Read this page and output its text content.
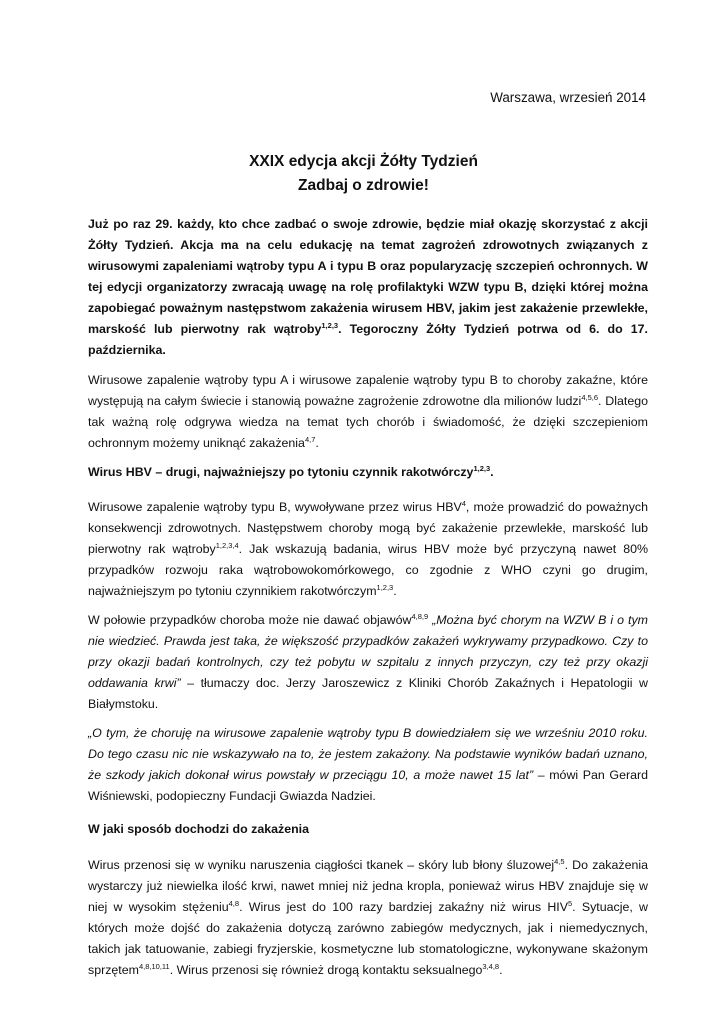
Warszawa, wrzesień 2014
XXIX edycja akcji Żółty Tydzień
Zadbaj o zdrowie!

Już po raz 29. każdy, kto chce zadbać o swoje zdrowie, będzie miał okazję skorzystać z akcji Żółty Tydzień. Akcja ma na celu edukację na temat zagrożeń zdrowotnych związanych z wirusowymi zapaleniami wątroby typu A i typu B oraz popularyzację szczepień ochronnych. W tej edycji organizatorzy zwracają uwagę na rolę profilaktyki WZW typu B, dzięki której można zapobiegać poważnym następstwom zakażenia wirusem HBV, jakim jest zakażenie przewlekłe, marskość lub pierwotny rak wątroby$^{1,2,3}$. Tegoroczny Żółty Tydzień potrwa od 6. do 17. października.

Wirusowe zapalenie wątroby typu A i wirusowe zapalenie wątroby typu B to choroby zakaźne, które występują na całym świecie i stanowią poważne zagrożenie zdrowotne dla milionów ludzi$^{4,5,6}$. Dlatego tak ważną rolę odgrywa wiedza na temat tych chorób i świadomość, że dzięki szczepieniom ochronnym możemy uniknąć zakażenia$^{4,7}$.

Wirus HBV – drugi, najważniejszy po tytoniu czynnik rakotwórczy$^{1,2,3}$.

Wirusowe zapalenie wątroby typu B, wywoływane przez wirus HBV$^4$, może prowadzić do poważnych konsekwencji zdrowotnych. Następstwem choroby mogą być zakażenie przewlekłe, marskość lub pierwotny rak wątroby$^{1,2,3,4}$. Jak wskazują badania, wirus HBV może być przyczyną nawet 80% przypadków rozwoju raka wątrobowokomórkowego, co zgodnie z WHO czyni go drugim, najważniejszym po tytoniu czynnikiem rakotwórczym$^{1,2,3}$.

W połowie przypadków choroba może nie dawać objawów$^{4,8,9}$ „Można być chorym na WZW B i o tym nie wiedzieć. Prawda jest taka, że większość przypadków zakażeń wykrywamy przypadkowo. Czy to przy okazji badań kontrolnych, czy też pobytu w szpitalu z innych przyczyn, czy też przy okazji oddawania krwi” – tłumaczy doc. Jerzy Jaroszewicz z Kliniki Chorób Zakaźnych i Hepatologii w Białymstoku.

„O tym, że choruję na wirusowe zapalenie wątroby typu B dowiedziałem się we wrześniu 2010 roku. Do tego czasu nic nie wskazywało na to, że jestem zakażony. Na podstawie wyników badań uznano, że szkody jakich dokonał wirus powstały w przeciągu 10, a może nawet 15 lat” – mówi Pan Gerard Wiśniewski, podopieczny Fundacji Gwiazda Nadziei.

W jaki sposób dochodzi do zakażenia

Wirus przenosi się w wyniku naruszenia ciągłości tkanek – skóry lub błony śluzowej$^{4,5}$. Do zakażenia wystarczy już niewielka ilość krwi, nawet mniej niż jedna kropla, ponieważ wirus HBV znajduje się w niej w wysokim stężeniu$^{4,8}$. Wirus jest do 100 razy bardziej zakaźny niż wirus HIV$^5$. Sytuacje, w których może dojść do zakażenia dotyczą zarówno zabiegów medycznych, jak i niemedycznych, takich jak tatuowanie, zabiegi fryzjerskie, kosmetyczne lub stomatologiczne, wykonywane skażonym sprzętem$^{4,8,10,11}$. Wirus przenosi się również drogą kontaktu seksualnego$^{3,4,8}$.
